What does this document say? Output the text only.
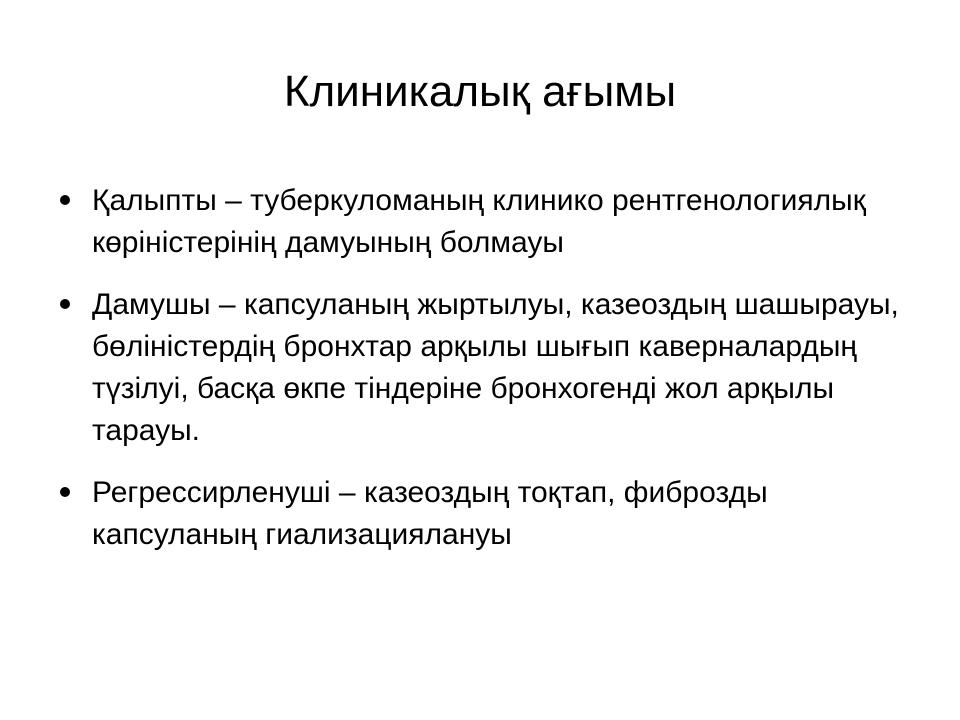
Клиникалық ағымы
Қалыпты – туберкуломаның клинико рентгенологиялық көріністерінің дамуының болмауы
Дамушы – капсуланың жыртылуы, казеоздың шашырауы, бөліністердің бронхтар арқылы шығып каверналардың түзілуі, басқа өкпе тіндеріне бронхогенді жол арқылы тарауы.
Регрессирленуші – казеоздың тоқтап, фиброзды капсуланың гиализациялануы
